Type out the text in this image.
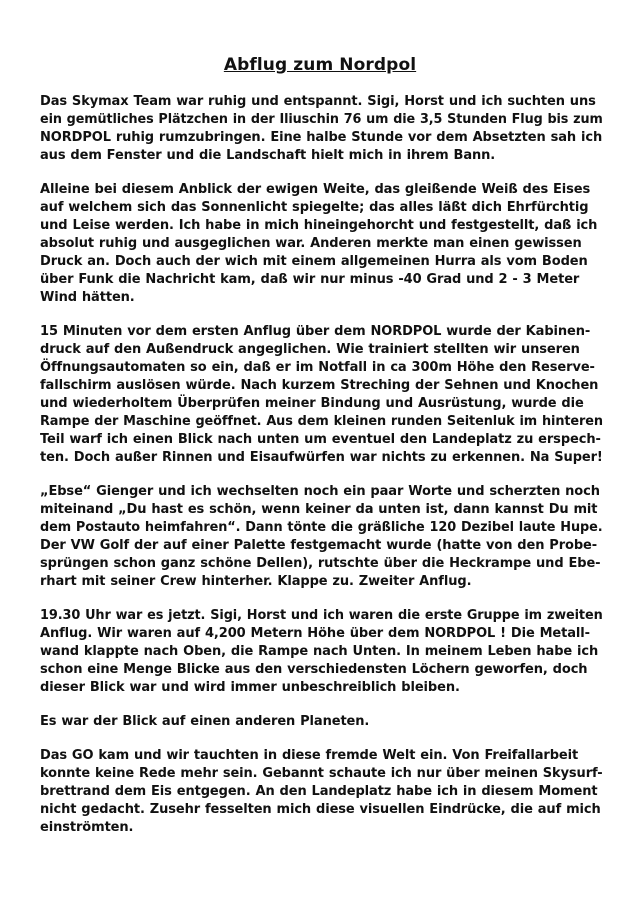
Abflug zum Nordpol

Das Skymax Team war ruhig und entspannt. Sigi, Horst und ich suchten uns
ein gemütliches Plätzchen in der Iliuschin 76 um die 3,5 Stunden Flug bis zum
NORDPOL ruhig rumzubringen. Eine halbe Stunde vor dem Absetzten sah ich
aus dem Fenster und die Landschaft hielt mich in ihrem Bann.

Alleine bei diesem Anblick der ewigen Weite, das gleißende Weiß des Eises
auf welchem sich das Sonnenlicht spiegelte; das alles läßt dich Ehrfürchtig
und Leise werden. Ich habe in mich hineingehorcht und festgestellt, daß ich
absolut ruhig und ausgeglichen war. Anderen merkte man einen gewissen
Druck an. Doch auch der wich mit einem allgemeinen Hurra als vom Boden
über Funk die Nachricht kam, daß wir nur minus -40 Grad und 2 - 3 Meter
Wind hätten.

15 Minuten vor dem ersten Anflug über dem NORDPOL wurde der Kabinen-
druck auf den Außendruck angeglichen. Wie trainiert stellten wir unseren
Öffnungsautomaten so ein, daß er im Notfall in ca 300m Höhe den Reserve-
fallschirm auslösen würde. Nach kurzem Streching der Sehnen und Knochen
und wiederholtem Überprüfen meiner Bindung und Ausrüstung, wurde die
Rampe der Maschine geöffnet. Aus dem kleinen runden Seitenluk im hinteren
Teil warf ich einen Blick nach unten um eventuel den Landeplatz zu erspech-
ten. Doch außer Rinnen und Eisaufwürfen war nichts zu erkennen. Na Super!

„Ebse“ Gienger und ich wechselten noch ein paar Worte und scherzten noch
miteinand „Du hast es schön, wenn keiner da unten ist, dann kannst Du mit
dem Postauto heimfahren“. Dann tönte die gräßliche 120 Dezibel laute Hupe.
Der VW Golf der auf einer Palette festgemacht wurde (hatte von den Probe-
sprüngen schon ganz schöne Dellen), rutschte über die Heckrampe und Ebe-
rhart mit seiner Crew hinterher. Klappe zu. Zweiter Anflug.

19.30 Uhr war es jetzt. Sigi, Horst und ich waren die erste Gruppe im zweiten
Anflug. Wir waren auf 4,200 Metern Höhe über dem NORDPOL ! Die Metall-
wand klappte nach Oben, die Rampe nach Unten. In meinem Leben habe ich
schon eine Menge Blicke aus den verschiedensten Löchern geworfen, doch
dieser Blick war und wird immer unbeschreiblich bleiben.

Es war der Blick auf einen anderen Planeten.

Das GO kam und wir tauchten in diese fremde Welt ein. Von Freifallarbeit
konnte keine Rede mehr sein. Gebannt schaute ich nur über meinen Skysurf-
brettrand dem Eis entgegen. An den Landeplatz habe ich in diesem Moment
nicht gedacht. Zusehr fesselten mich diese visuellen Eindrücke, die auf mich
einströmten.
